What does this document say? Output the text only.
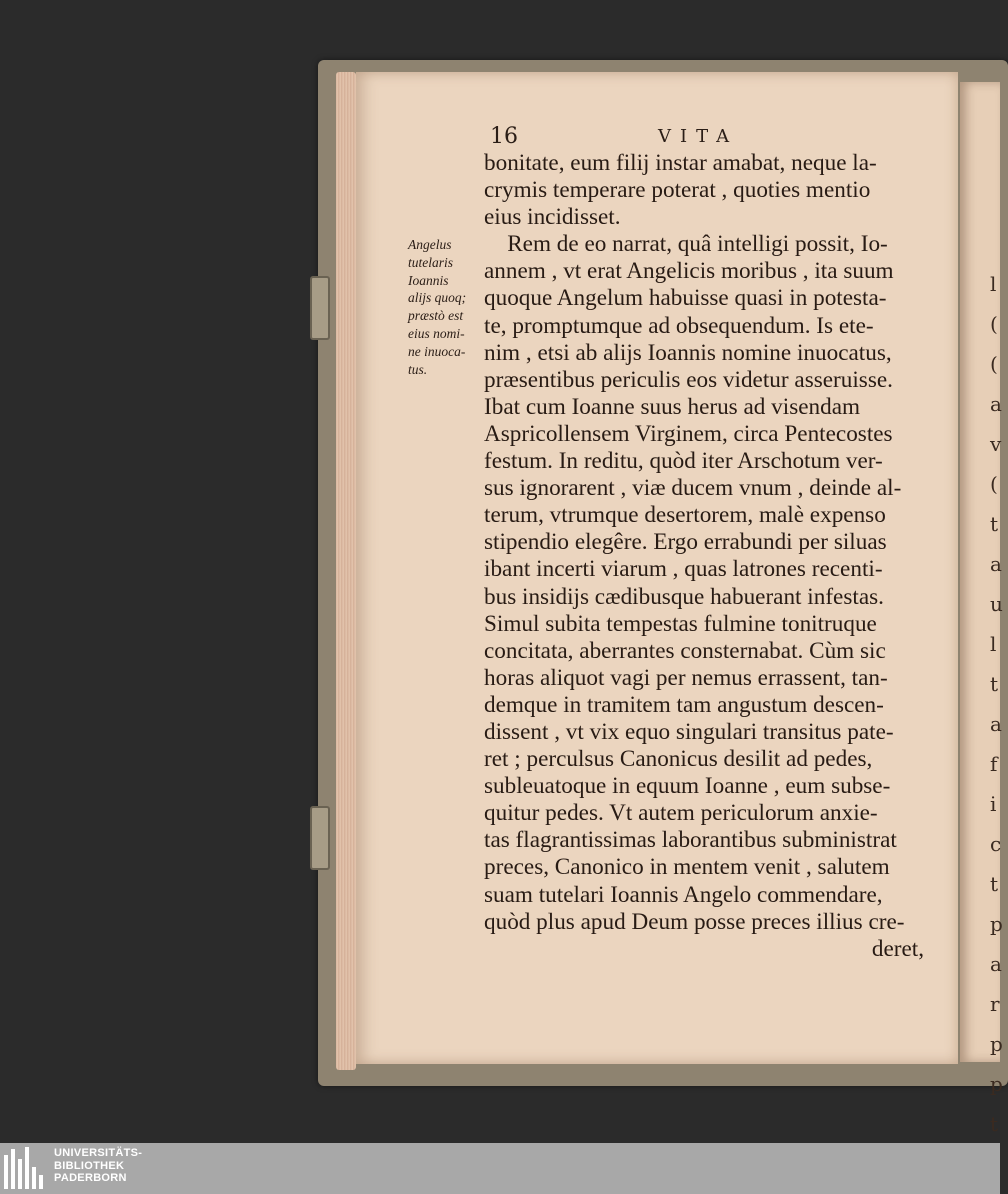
l
(
(
a
v
(
t
a
u
l
t
a
f
i
c
t
p
a
r
p
p
t
16	VITA
Angelus
tutelaris
Ioannis
alijs quoq;
præstò est
eius nomi-
ne inuoca-
tus.
bonitate, eum filij instar amabat, neque la-
crymis temperare poterat , quoties mentio
eius incidisset.
Rem de eo narrat, quâ intelligi possit, Io-
annem , vt erat Angelicis moribus , ita suum
quoque Angelum habuisse quasi in potesta-
te, promptumque ad obsequendum. Is ete-
nim , etsi ab alijs Ioannis nomine inuocatus,
præsentibus periculis eos videtur asseruisse.
Ibat cum Ioanne suus herus ad visendam
Aspricollensem Virginem, circa Pentecostes
festum. In reditu, quòd iter Arschotum ver-
sus ignorarent , viæ ducem vnum , deinde al-
terum, vtrumque desertorem, malè expenso
stipendio elegêre. Ergo errabundi per siluas
ibant incerti viarum , quas latrones recenti-
bus insidijs cædibusque habuerant infestas.
Simul subita tempestas fulmine tonitruque
concitata, aberrantes consternabat. Cùm sic
horas aliquot vagi per nemus errassent, tan-
demque in tramitem tam angustum descen-
dissent , vt vix equo singulari transitus pate-
ret ; perculsus Canonicus desilit ad pedes,
subleuatoque in equum Ioanne , eum subse-
quitur pedes. Vt autem periculorum anxie-
tas flagrantissimas laborantibus subministrat
preces, Canonico in mentem venit , salutem
suam tutelari Ioannis Angelo commendare,
quòd plus apud Deum posse preces illius cre-
deret,
UNIVERSITÄTS-
BIBLIOTHEK
PADERBORN
